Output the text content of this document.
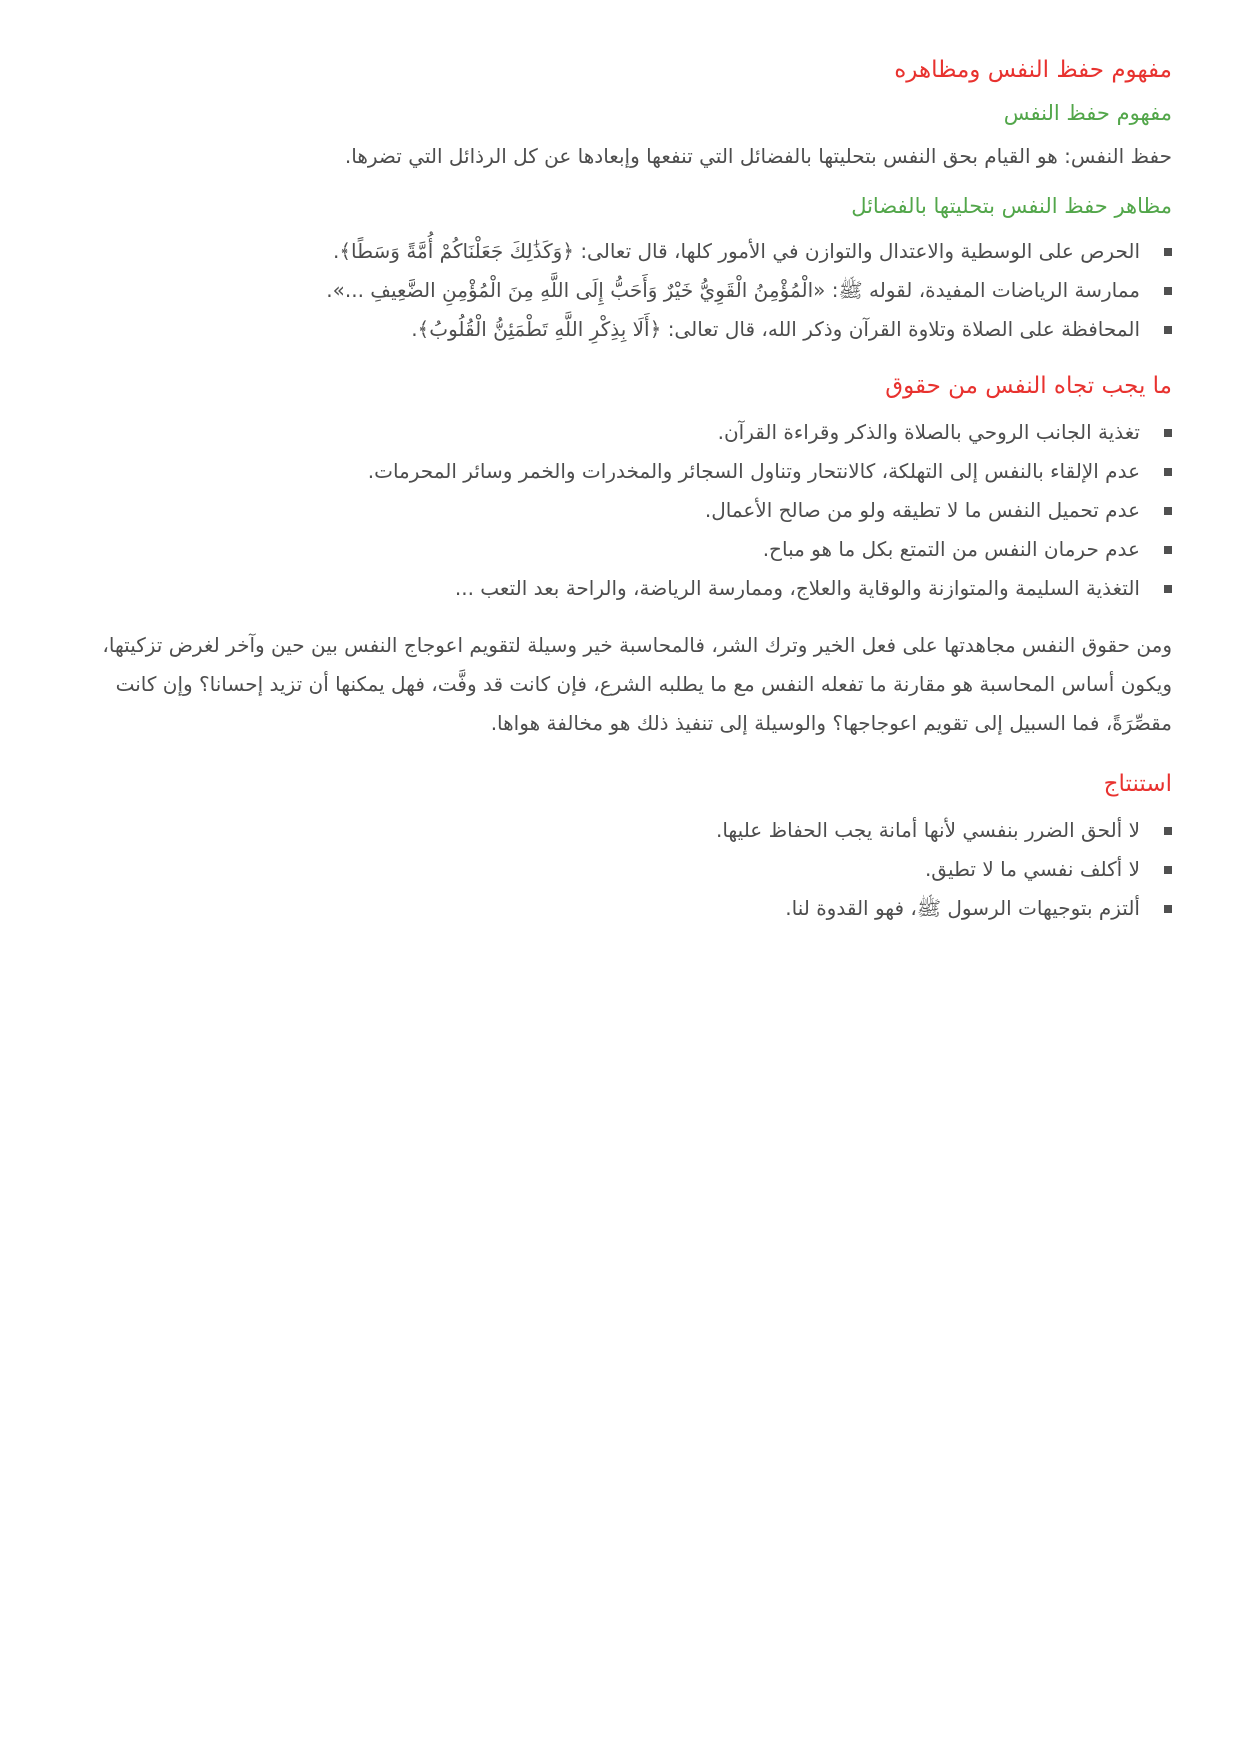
مفهوم حفظ النفس ومظاهره
مفهوم حفظ النفس

حفظ النفس: هو القيام بحق النفس بتحليتها بالفضائل التي تنفعها وإبعادها عن كل الرذائل التي تضرها.

مظاهر حفظ النفس بتحليتها بالفضائل
الحرص على الوسطية والاعتدال والتوازن في الأمور كلها، قال تعالى: ﴿وَكَذَٰلِكَ جَعَلْنَاكُمْ أُمَّةً وَسَطًا﴾.
ممارسة الرياضات المفيدة، لقوله ﷺ: «الْمُؤْمِنُ الْقَوِيُّ خَيْرٌ وَأَحَبُّ إِلَى اللَّهِ مِنَ الْمُؤْمِنِ الضَّعِيفِ ...».
المحافظة على الصلاة وتلاوة القرآن وذكر الله، قال تعالى: ﴿أَلَا بِذِكْرِ اللَّهِ تَطْمَئِنُّ الْقُلُوبُ﴾.
ما يجب تجاه النفس من حقوق
تغذية الجانب الروحي بالصلاة والذكر وقراءة القرآن.
عدم الإلقاء بالنفس إلى التهلكة، كالانتحار وتناول السجائر والمخدرات والخمر وسائر المحرمات.
عدم تحميل النفس ما لا تطيقه ولو من صالح الأعمال.
عدم حرمان النفس من التمتع بكل ما هو مباح.
التغذية السليمة والمتوازنة والوقاية والعلاج، وممارسة الرياضة، والراحة بعد التعب ...

ومن حقوق النفس مجاهدتها على فعل الخير وترك الشر، فالمحاسبة خير وسيلة لتقويم اعوجاج النفس بين حين وآخر لغرض تزكيتها، ويكون أساس المحاسبة هو مقارنة ما تفعله النفس مع ما يطلبه الشرع، فإن كانت قد وفَّت، فهل يمكنها أن تزيد إحسانا؟ وإن كانت مقصِّرَةً، فما السبيل إلى تقويم اعوجاجها؟ والوسيلة إلى تنفيذ ذلك هو مخالفة هواها.

استنتاج
لا ألحق الضرر بنفسي لأنها أمانة يجب الحفاظ عليها.
لا أكلف نفسي ما لا تطيق.
ألتزم بتوجيهات الرسول ﷺ، فهو القدوة لنا.
